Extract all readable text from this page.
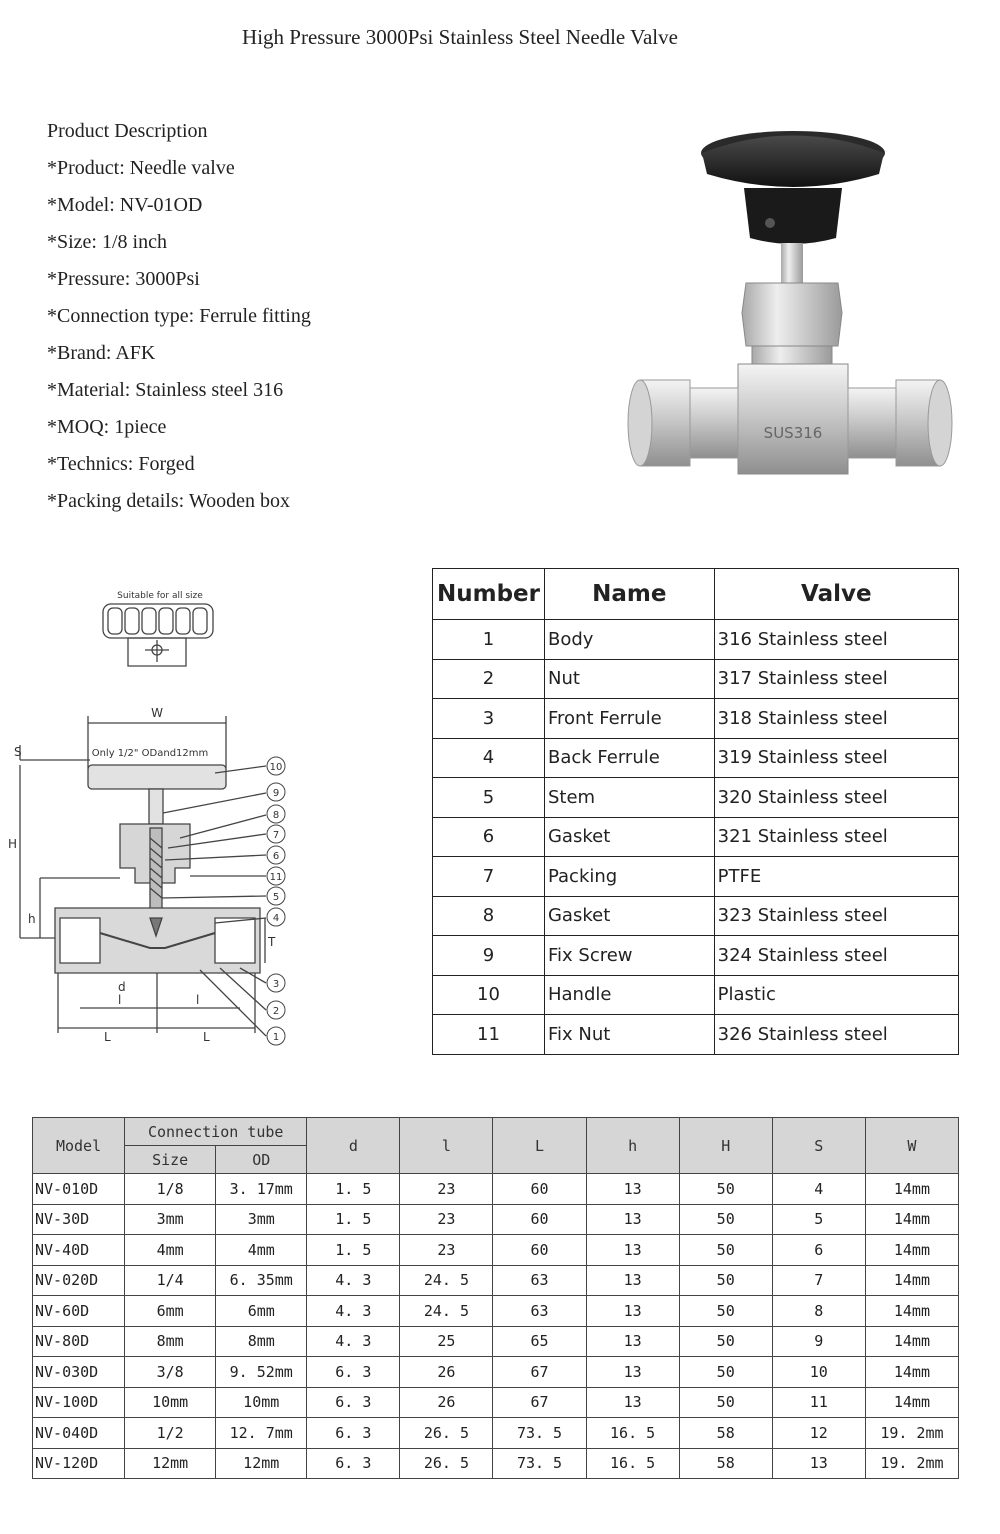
High Pressure 3000Psi Stainless Steel Needle Valve
Product Description
*Product: Needle valve
*Model: NV-01OD
*Size: 1/8 inch
*Pressure: 3000Psi
*Connection type: Ferrule fitting
*Brand: AFK
*Material: Stainless steel 316
*MOQ: 1piece
*Technics: Forged
*Packing details: Wooden box
SUS316
Suitable for all size
W
Only 1/2" ODand12mm
S
H
h
T
d
l	l
L	L
10
9
8
7
6
11
5
4
3
2
1
Number	Name	Valve
1	Body	316 Stainless steel
2	Nut	317 Stainless steel
3	Front Ferrule	318 Stainless steel
4	Back Ferrule	319 Stainless steel
5	Stem	320 Stainless steel
6	Gasket	321 Stainless steel
7	Packing	PTFE
8	Gasket	323 Stainless steel
9	Fix Screw	324 Stainless steel
10	Handle	Plastic
11	Fix Nut	326 Stainless steel
Model	Connection tube		d	l	L	h	H	S	W
	Size	OD							
NV-010D	1/8	3. 17mm	1. 5	23	60	13	50	4	14mm
NV-30D	3mm	3mm	1. 5	23	60	13	50	5	14mm
NV-40D	4mm	4mm	1. 5	23	60	13	50	6	14mm
NV-020D	1/4	6. 35mm	4. 3	24. 5	63	13	50	7	14mm
NV-60D	6mm	6mm	4. 3	24. 5	63	13	50	8	14mm
NV-80D	8mm	8mm	4. 3	25	65	13	50	9	14mm
NV-030D	3/8	9. 52mm	6. 3	26	67	13	50	10	14mm
NV-100D	10mm	10mm	6. 3	26	67	13	50	11	14mm
NV-040D	1/2	12. 7mm	6. 3	26. 5	73. 5	16. 5	58	12	19. 2mm
NV-120D	12mm	12mm	6. 3	26. 5	73. 5	16. 5	58	13	19. 2mm
